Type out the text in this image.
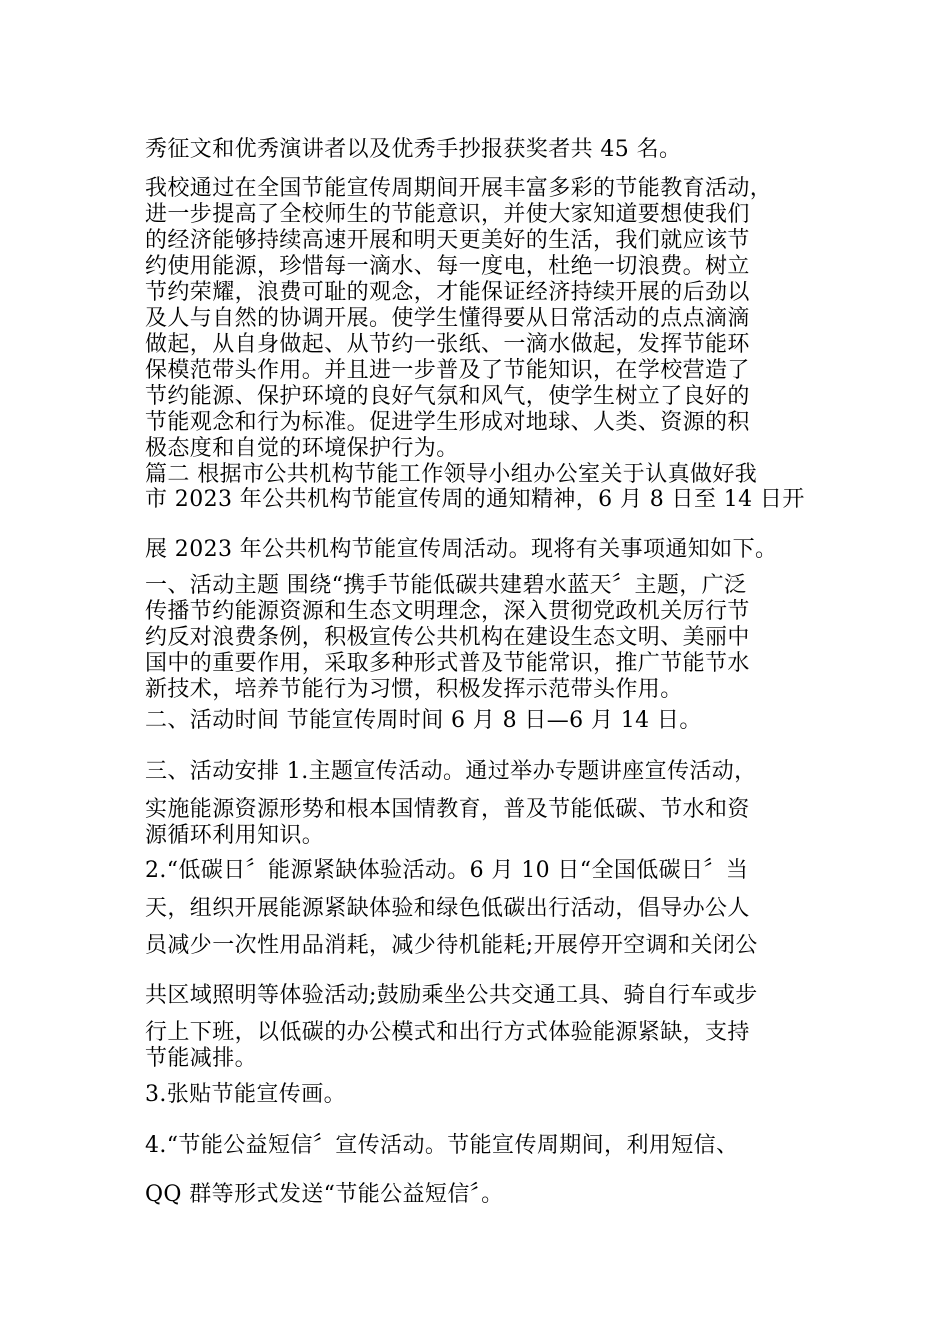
秀征文和优秀演讲者以及优秀手抄报获奖者共 45 名。
我校通过在全国节能宣传周期间开展丰富多彩的节能教育活动，
进一步提高了全校师生的节能意识，并使大家知道要想使我们
的经济能够持续高速开展和明天更美好的生活，我们就应该节
约使用能源，珍惜每一滴水、每一度电，杜绝一切浪费。树立
节约荣耀，浪费可耻的观念，才能保证经济持续开展的后劲以
及人与自然的协调开展。使学生懂得要从日常活动的点点滴滴
做起，从自身做起、从节约一张纸、一滴水做起，发挥节能环
保模范带头作用。并且进一步普及了节能知识，在学校营造了
节约能源、保护环境的良好气氛和风气，使学生树立了良好的
节能观念和行为标准。促进学生形成对地球、人类、资源的积
极态度和自觉的环境保护行为。
篇二 根据市公共机构节能工作领导小组办公室关于认真做好我
市 2023 年公共机构节能宣传周的通知精神，6 月 8 日至 14 日开
展 2023 年公共机构节能宣传周活动。现将有关事项通知如下。
一、活动主题 围绕“携手节能低碳共建碧水蓝天〞主题，广泛
传播节约能源资源和生态文明理念，深入贯彻党政机关厉行节
约反对浪费条例，积极宣传公共机构在建设生态文明、美丽中
国中的重要作用，采取多种形式普及节能常识，推广节能节水
新技术，培养节能行为习惯，积极发挥示范带头作用。
二、活动时间 节能宣传周时间 6 月 8 日—6 月 14 日。
三、活动安排 1.主题宣传活动。通过举办专题讲座宣传活动，
实施能源资源形势和根本国情教育，普及节能低碳、节水和资
源循环利用知识。
2.“低碳日〞能源紧缺体验活动。6 月 10 日“全国低碳日〞当
天，组织开展能源紧缺体验和绿色低碳出行活动，倡导办公人
员减少一次性用品消耗，减少待机能耗;开展停开空调和关闭公
共区域照明等体验活动;鼓励乘坐公共交通工具、骑自行车或步
行上下班，以低碳的办公模式和出行方式体验能源紧缺，支持
节能减排。
3.张贴节能宣传画。
4.“节能公益短信〞宣传活动。节能宣传周期间，利用短信、
QQ 群等形式发送“节能公益短信〞。
